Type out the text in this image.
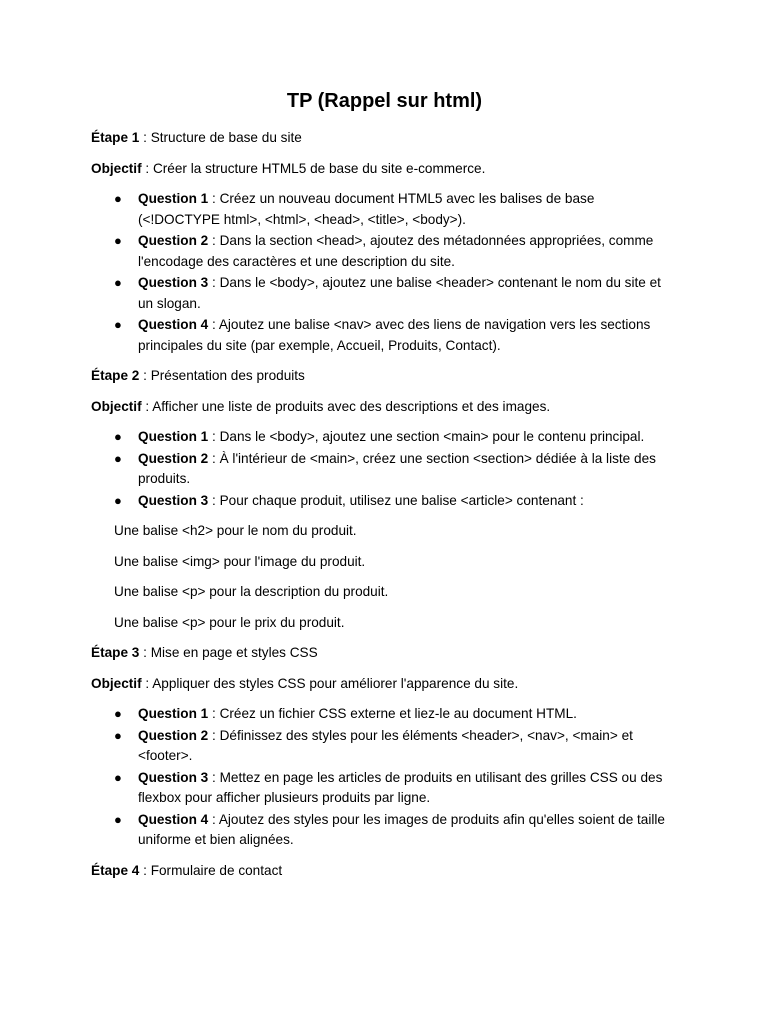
TP (Rappel sur html)

Étape 1 : Structure de base du site

Objectif : Créer la structure HTML5 de base du site e-commerce.

● Question 1 : Créez un nouveau document HTML5 avec les balises de base (<!DOCTYPE html>, <html>, <head>, <title>, <body>).
● Question 2 : Dans la section <head>, ajoutez des métadonnées appropriées, comme l'encodage des caractères et une description du site.
● Question 3 : Dans le <body>, ajoutez une balise <header> contenant le nom du site et un slogan.
● Question 4 : Ajoutez une balise <nav> avec des liens de navigation vers les sections principales du site (par exemple, Accueil, Produits, Contact).

Étape 2 : Présentation des produits

Objectif : Afficher une liste de produits avec des descriptions et des images.

● Question 1 : Dans le <body>, ajoutez une section <main> pour le contenu principal.
● Question 2 : À l'intérieur de <main>, créez une section <section> dédiée à la liste des produits.
● Question 3 : Pour chaque produit, utilisez une balise <article> contenant :

Une balise <h2> pour le nom du produit.

Une balise <img> pour l'image du produit.

Une balise <p> pour la description du produit.

Une balise <p> pour le prix du produit.

Étape 3 : Mise en page et styles CSS

Objectif : Appliquer des styles CSS pour améliorer l'apparence du site.

● Question 1 : Créez un fichier CSS externe et liez-le au document HTML.
● Question 2 : Définissez des styles pour les éléments <header>, <nav>, <main> et <footer>.
● Question 3 : Mettez en page les articles de produits en utilisant des grilles CSS ou des flexbox pour afficher plusieurs produits par ligne.
● Question 4 : Ajoutez des styles pour les images de produits afin qu'elles soient de taille uniforme et bien alignées.

Étape 4 : Formulaire de contact
